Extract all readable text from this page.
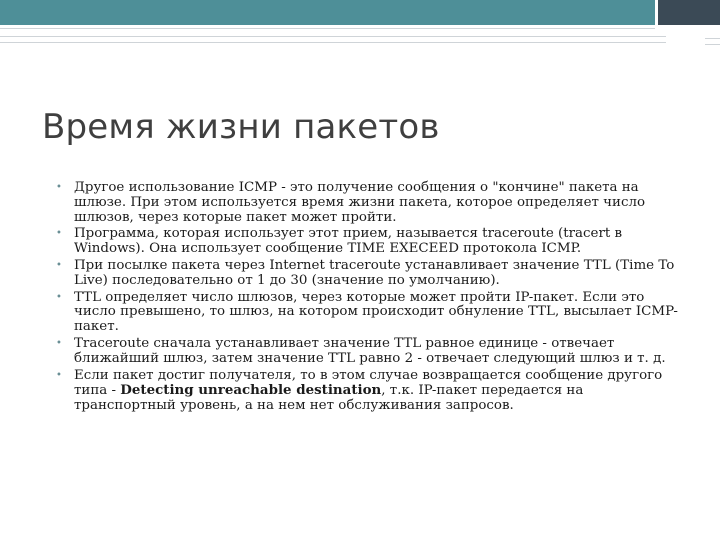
Время жизни пакетов
• Другое использование ICMP - это получение сообщения о "кончине" пакета на шлюзе. При этом используется время жизни пакета, которое определяет число шлюзов, через которые пакет может пройти.
• Программа, которая использует этот прием, называется traceroute (tracert в Windows). Она использует сообщение TIME EXECEED протокола ICMP.
• При посылке пакета через Internet traceroute устанавливает значение TTL (Time To Live) последовательно от 1 до 30 (значение по умолчанию).
• TTL определяет число шлюзов, через которые может пройти IP-пакет. Если это число превышено, то шлюз, на котором происходит обнуление TTL, высылает ICMP-пакет.
• Traceroute сначала устанавливает значение TTL равное единице - отвечает ближайший шлюз, затем значение TTL равно 2 - отвечает следующий шлюз и т. д.
• Если пакет достиг получателя, то в этом случае возвращается сообщение другого типа - Detecting unreachable destination, т.к. IP-пакет передается на транспортный уровень, а на нем нет обслуживания запросов.
